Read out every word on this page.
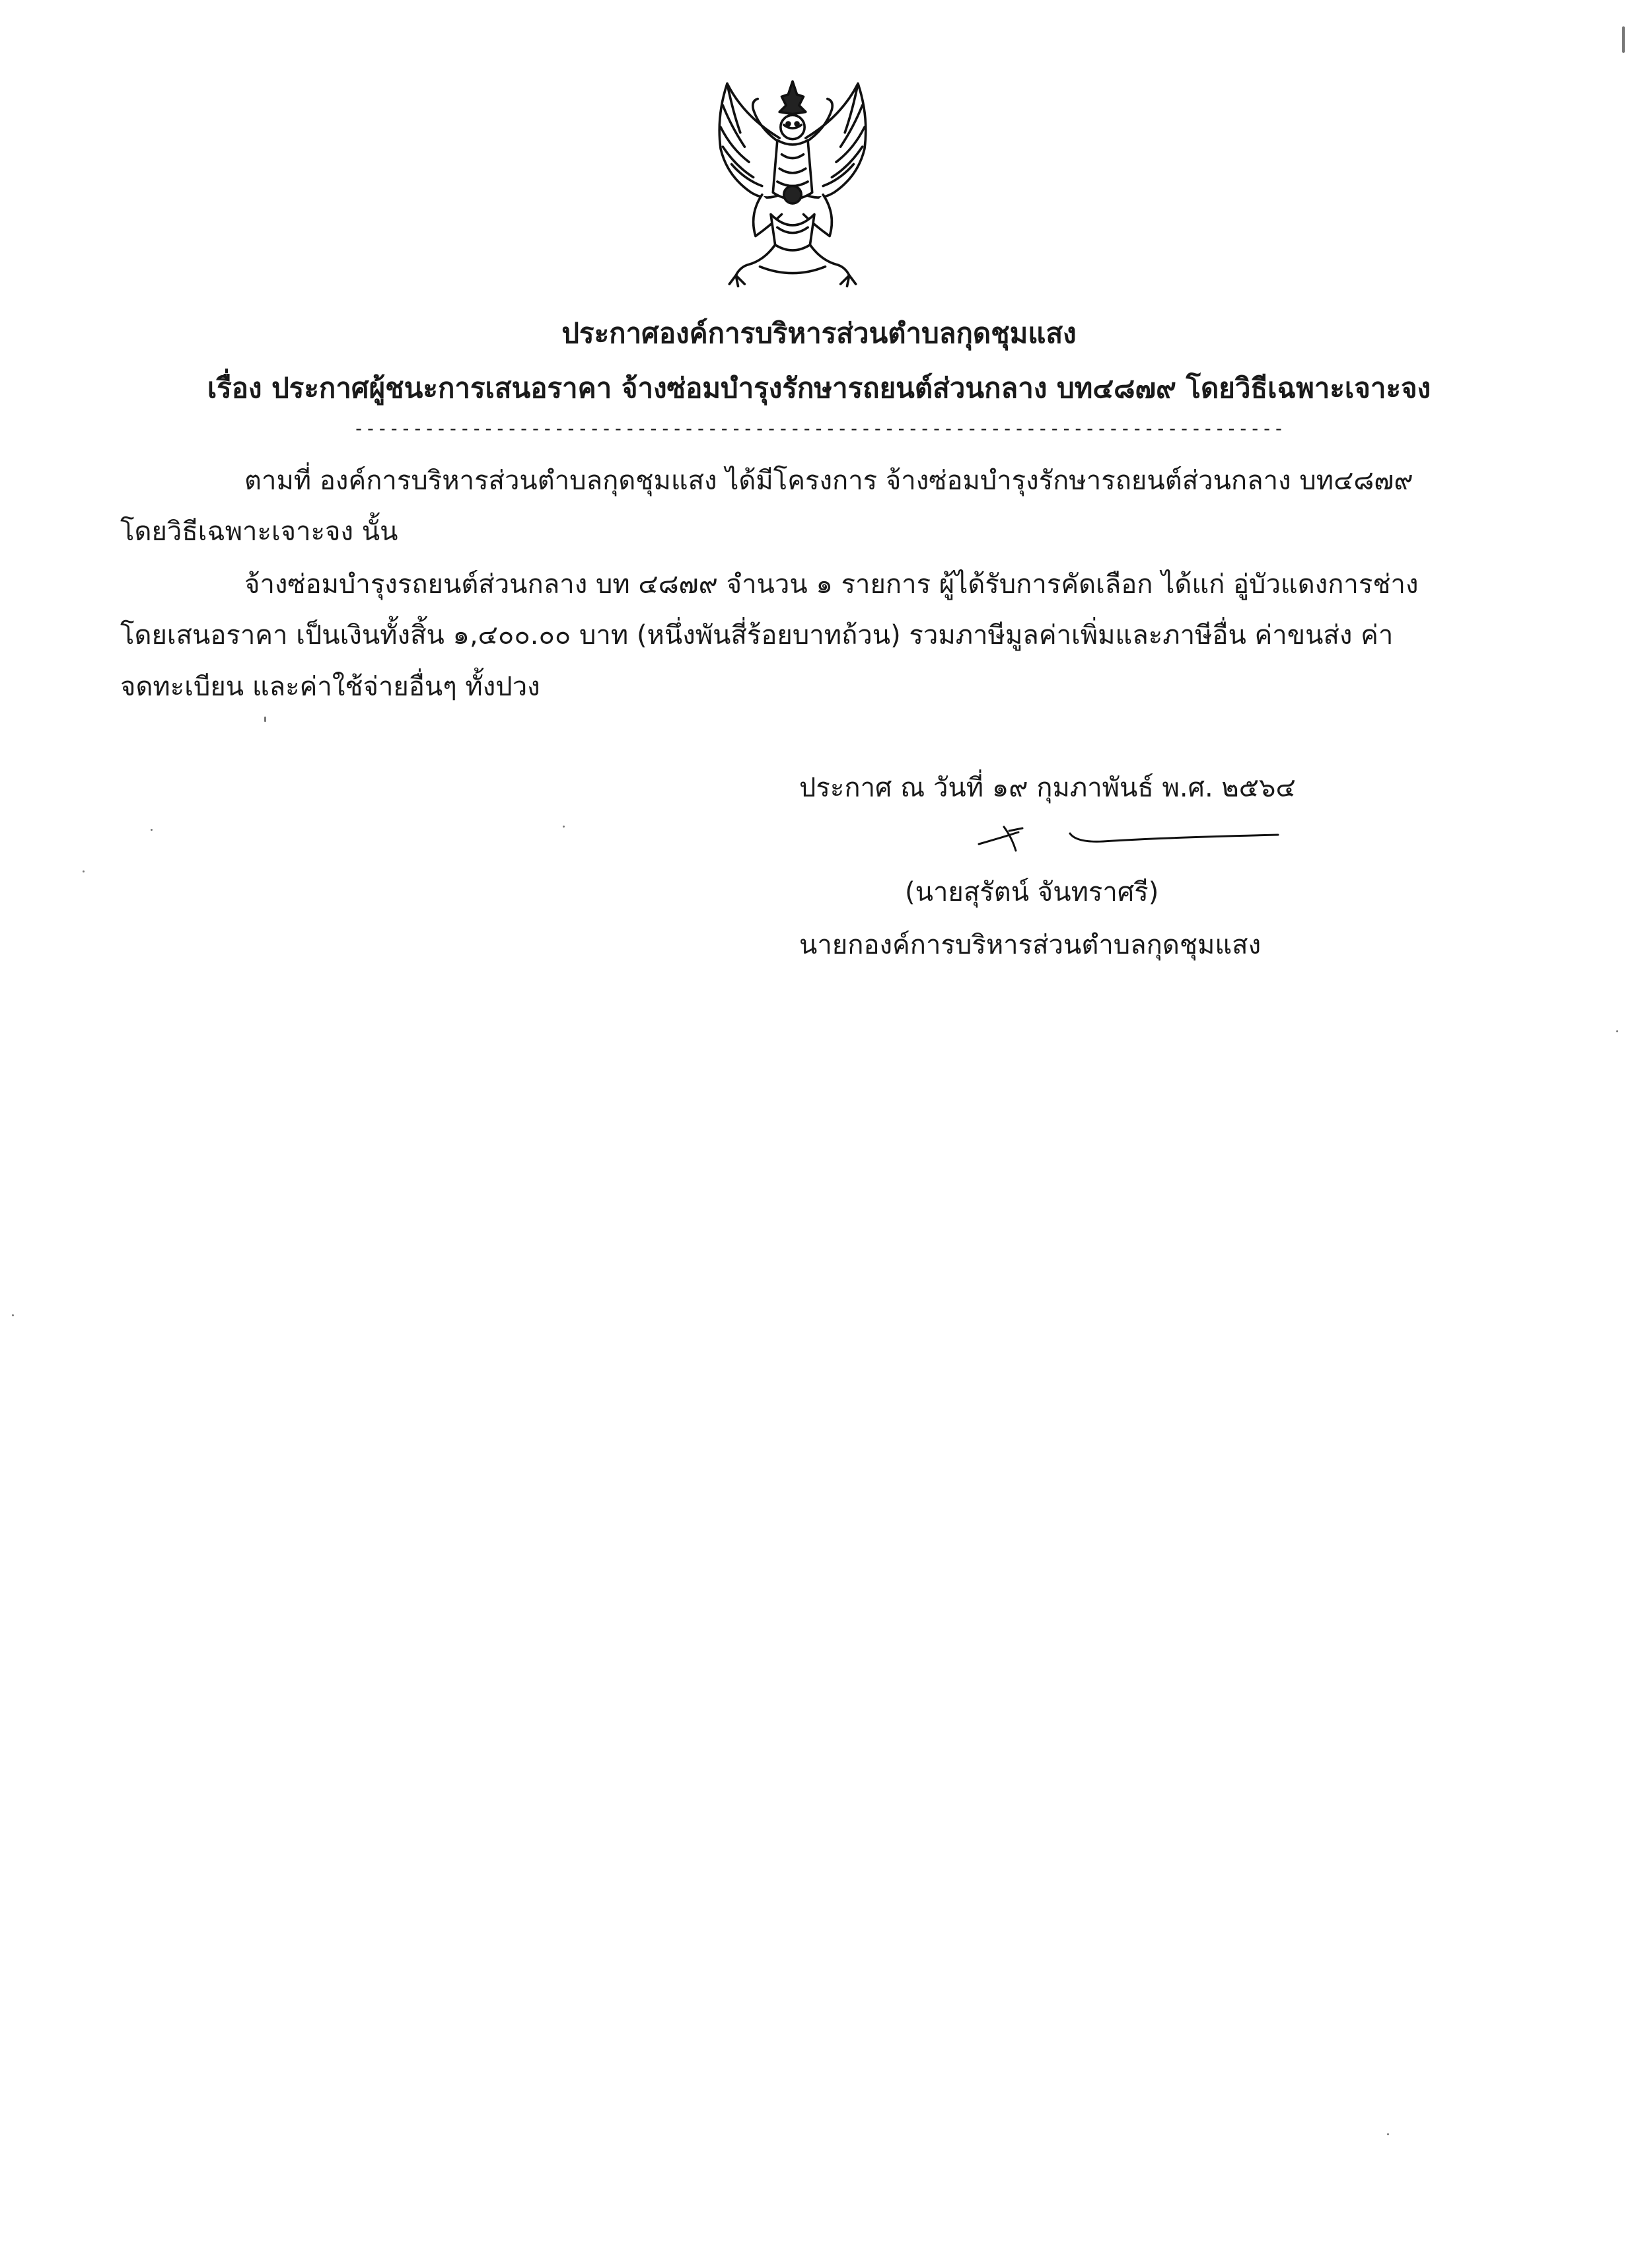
ประกาศองค์การบริหารส่วนตำบลกุดชุมแสง
เรื่อง ประกาศผู้ชนะการเสนอราคา จ้างซ่อมบำรุงรักษารถยนต์ส่วนกลาง บท๔๘๗๙ โดยวิธีเฉพาะเจาะจง
-------------------------------------------------------------------------------
ตามที่ องค์การบริหารส่วนตำบลกุดชุมแสง ได้มีโครงการ จ้างซ่อมบำรุงรักษารถยนต์ส่วนกลาง บท๔๘๗๙
โดยวิธีเฉพาะเจาะจง นั้น
จ้างซ่อมบำรุงรถยนต์ส่วนกลาง บท ๔๘๗๙ จำนวน ๑ รายการ ผู้ได้รับการคัดเลือก ได้แก่ อู่บัวแดงการช่าง
โดยเสนอราคา เป็นเงินทั้งสิ้น ๑,๔๐๐.๐๐ บาท (หนึ่งพันสี่ร้อยบาทถ้วน) รวมภาษีมูลค่าเพิ่มและภาษีอื่น ค่าขนส่ง ค่า
จดทะเบียน และค่าใช้จ่ายอื่นๆ ทั้งปวง
ประกาศ ณ วันที่ ๑๙ กุมภาพันธ์ พ.ศ. ๒๕๖๔
(นายสุรัตน์ จันทราศรี)
นายกองค์การบริหารส่วนตำบลกุดชุมแสง
